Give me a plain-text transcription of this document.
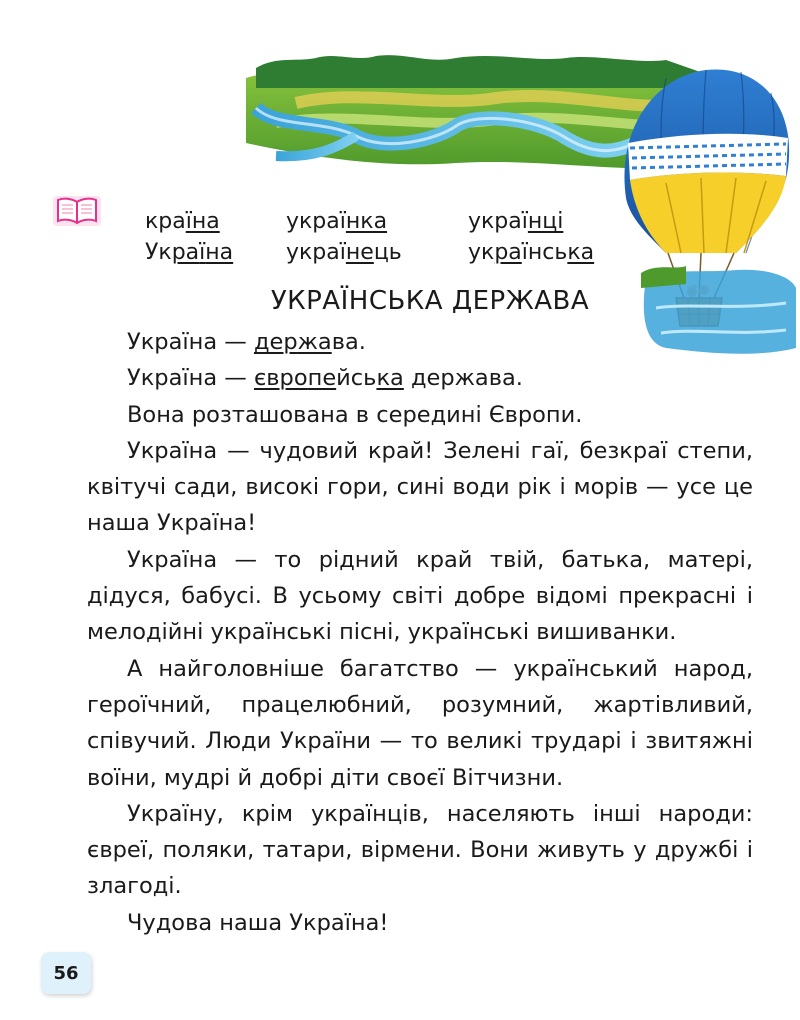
країна
Україна
українка
українець
українці
українська
УКРАЇНСЬКА ДЕРЖАВА

Україна — держава.

Україна — європейська держава.

Вона розташована в середині Європи.

Україна — чудовий край! Зелені гаї, безкраї степи, квітучі сади, високі гори, сині води рік і морів — усе це наша Україна!

Україна — то рідний край твій, батька, матері, дідуся, бабусі. В усьому світі добре відомі прекрасні і мелодійні українські пісні, українські вишиванки.

А найголовніше багатство — український народ, героїчний, працелюбний, розумний, жартівливий, співучий. Люди України — то великі трударі і звитяжні воїни, мудрі й добрі діти своєї Вітчизни.

Україну, крім українців, населяють інші народи: євреї, поляки, татари, вірмени. Вони живуть у дружбі і злагоді.

Чудова наша Україна!

56
